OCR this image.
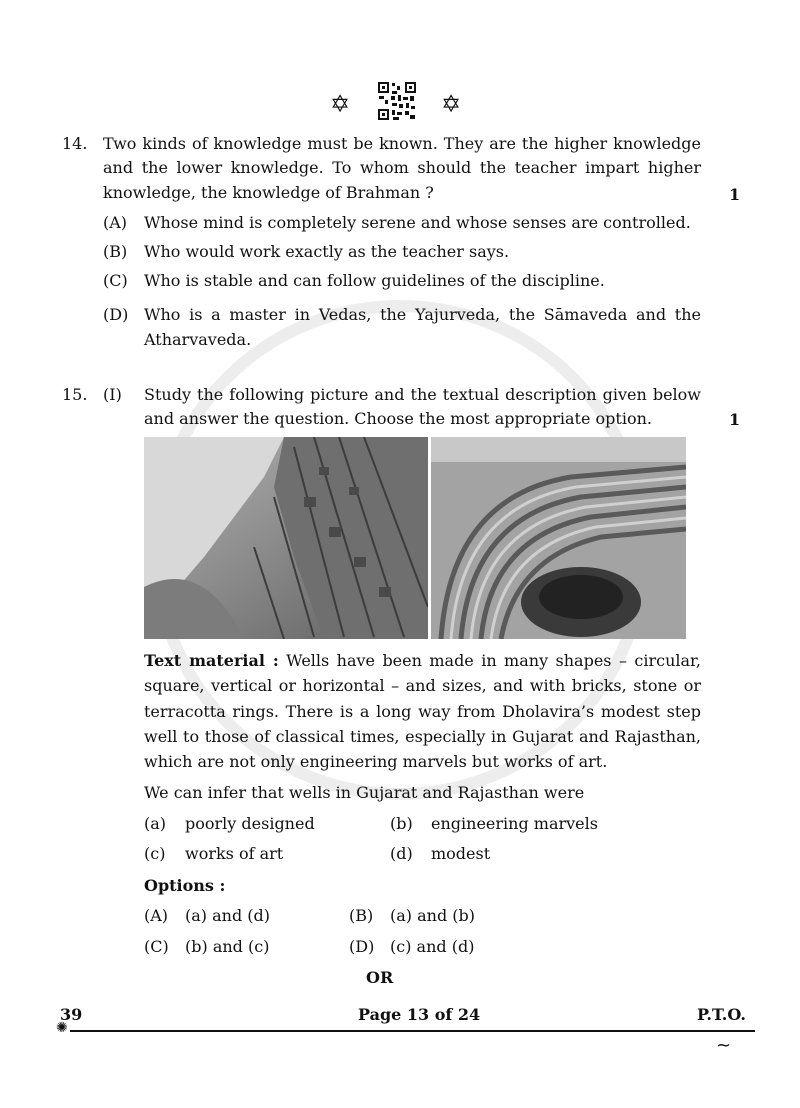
✡	✡
14. Two kinds of knowledge must be known. They are the higher knowledge
and the lower knowledge. To whom should the teacher impart higher
knowledge, the knowledge of Brahman ?	1
(A) Whose mind is completely serene and whose senses are controlled.
(B) Who would work exactly as the teacher says.
(C) Who is stable and can follow guidelines of the discipline.
(D) Who is a master in Vedas, the Yajurveda, the Sāmaveda and the
Atharvaveda.
15. (I) Study the following picture and the textual description given below
and answer the question. Choose the most appropriate option.	1
Text material : Wells have been made in many shapes – circular,
square, vertical or horizontal – and sizes, and with bricks, stone or
terracotta rings. There is a long way from Dholavira’s modest step
well to those of classical times, especially in Gujarat and Rajasthan,
which are not only engineering marvels but works of art.
We can infer that wells in Gujarat and Rajasthan were
(a) poorly designed	(b) engineering marvels
(c) works of art	(d) modest
Options :
(A) (a) and (d)	(B) (a) and (b)
(C) (b) and (c)	(D) (c) and (d)
OR
39	Page 13 of 24	P.T.O.
✺
~
